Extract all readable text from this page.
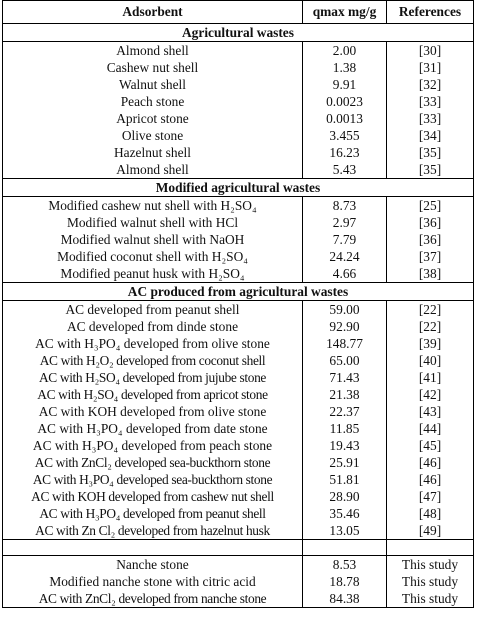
Adsorbent	qmax mg/g	References
Agricultural wastes		
Almond shell	2.00	[30]
Cashew nut shell	1.38	[31]
Walnut shell	9.91	[32]
Peach stone	0.0023	[33]
Apricot stone	0.0013	[33]
Olive stone	3.455	[34]
Hazelnut shell	16.23	[35]
Almond shell	5.43	[35]
Modified agricultural wastes		
Modified cashew nut shell with H₂SO₄	8.73	[25]
Modified walnut shell with HCl	2.97	[36]
Modified walnut shell with NaOH	7.79	[36]
Modified coconut shell with H₂SO₄	24.24	[37]
Modified peanut husk with H₂SO₄	4.66	[38]
AC produced from agricultural wastes		
AC developed from peanut shell	59.00	[22]
AC developed from dinde stone	92.90	[22]
AC with H₃PO₄ developed from olive stone	148.77	[39]
AC with H₂O₂ developed from coconut shell	65.00	[40]
AC with H₂SO₄ developed from jujube stone	71.43	[41]
AC with H₂SO₄ developed from apricot stone	21.38	[42]
AC with KOH developed from olive stone	22.37	[43]
AC with H₃PO₄ developed from date stone	11.85	[44]
AC with H₃PO₄ developed from peach stone	19.43	[45]
AC with ZnCl₂ developed sea-buckthorn stone	25.91	[46]
AC with H₃PO₄ developed sea-buckthorn stone	51.81	[46]
AC with KOH developed from cashew nut shell	28.90	[47]
AC with H₃PO₄ developed from peanut shell	35.46	[48]
AC with Zn Cl₂ developed from hazelnut husk	13.05	[49]

Nanche stone	8.53	This study
Modified nanche stone with citric acid	18.78	This study
AC with ZnCl₂ developed from nanche stone	84.38	This study
